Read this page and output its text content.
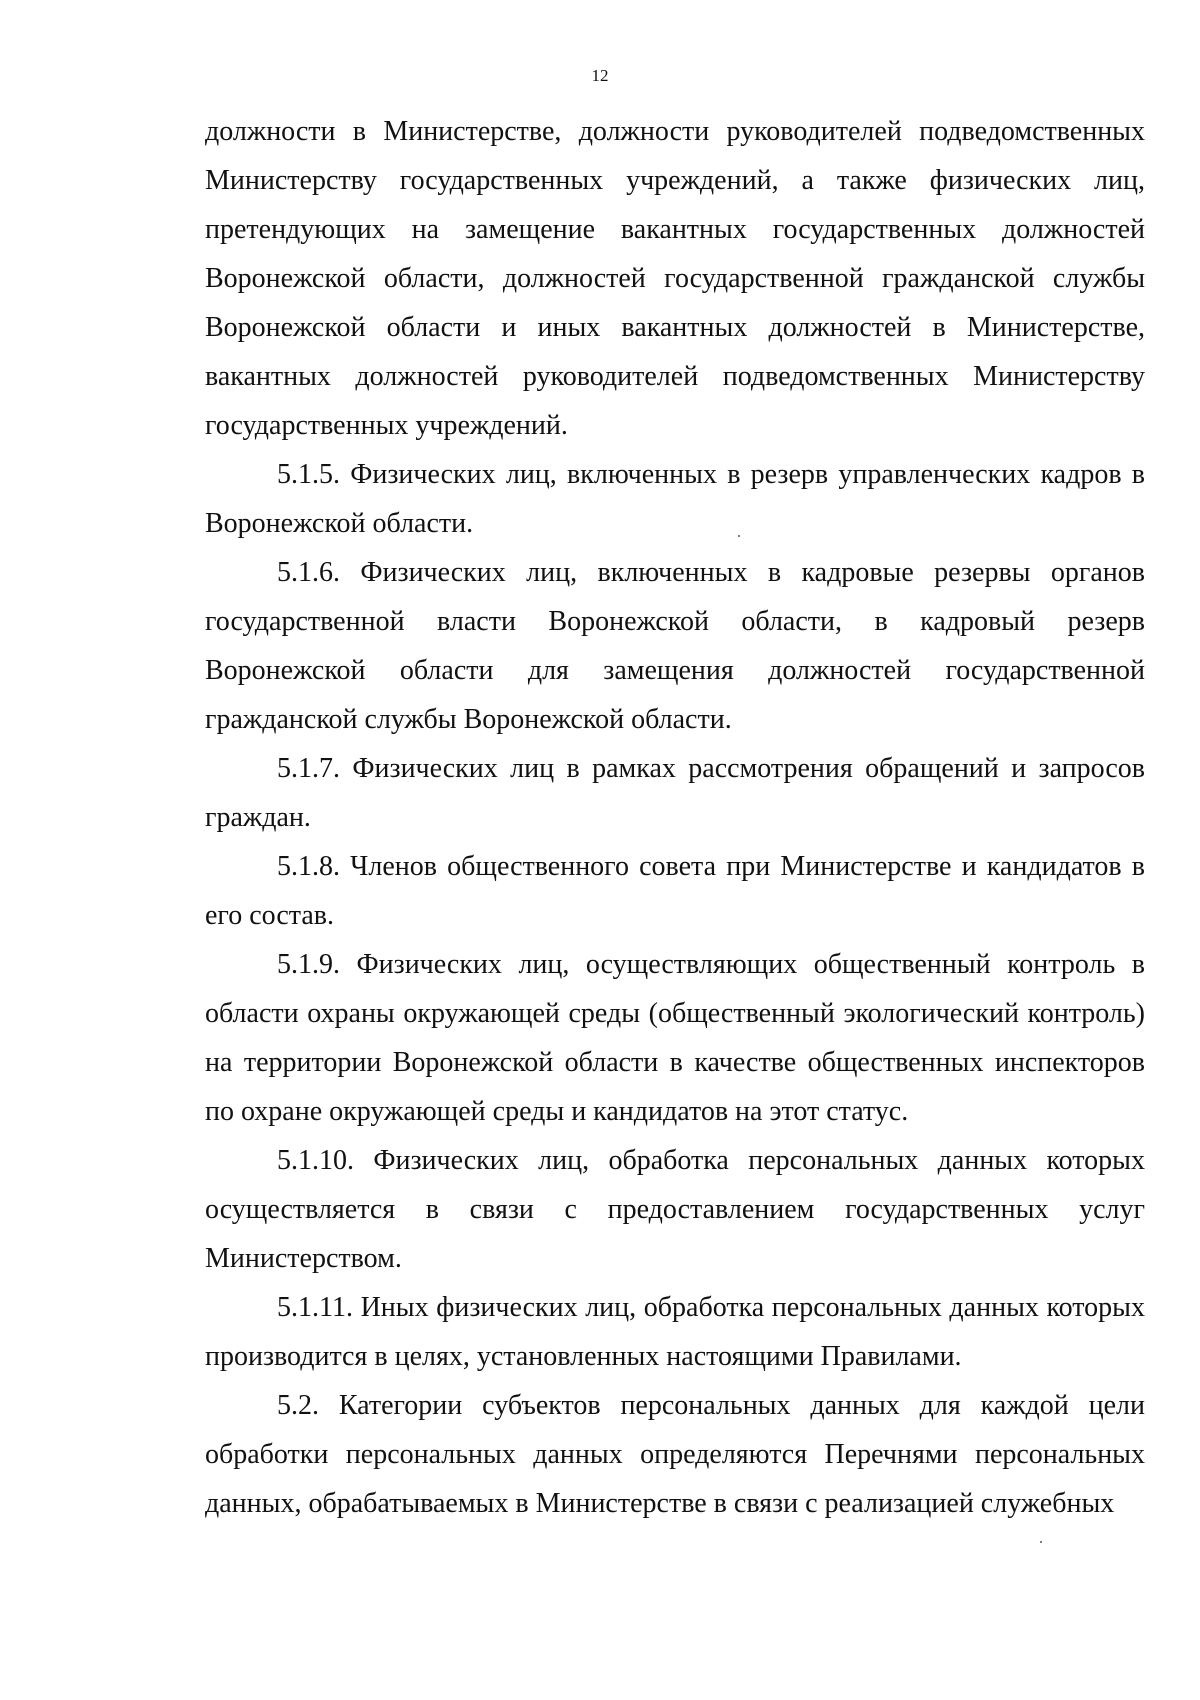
12

должности в Министерстве, должности руководителей подведомственных Министерству государственных учреждений, а также физических лиц, претендующих на замещение вакантных государственных должностей Воронежской области, должностей государственной гражданской службы Воронежской области и иных вакантных должностей в Министерстве, вакантных должностей руководителей подведомственных Министерству государственных учреждений.

5.1.5. Физических лиц, включенных в резерв управленческих кадров в Воронежской области.

5.1.6. Физических лиц, включенных в кадровые резервы органов государственной власти Воронежской области, в кадровый резерв Воронежской области для замещения должностей государственной гражданской службы Воронежской области.

5.1.7. Физических лиц в рамках рассмотрения обращений и запросов граждан.

5.1.8. Членов общественного совета при Министерстве и кандидатов в его состав.

5.1.9. Физических лиц, осуществляющих общественный контроль в области охраны окружающей среды (общественный экологический контроль) на территории Воронежской области в качестве общественных инспекторов по охране окружающей среды и кандидатов на этот статус.

5.1.10. Физических лиц, обработка персональных данных которых осуществляется в связи с предоставлением государственных услуг Министерством.

5.1.11. Иных физических лиц, обработка персональных данных которых производится в целях, установленных настоящими Правилами.

5.2. Категории субъектов персональных данных для каждой цели обработки персональных данных определяются Перечнями персональных данных, обрабатываемых в Министерстве в связи с реализацией служебных
